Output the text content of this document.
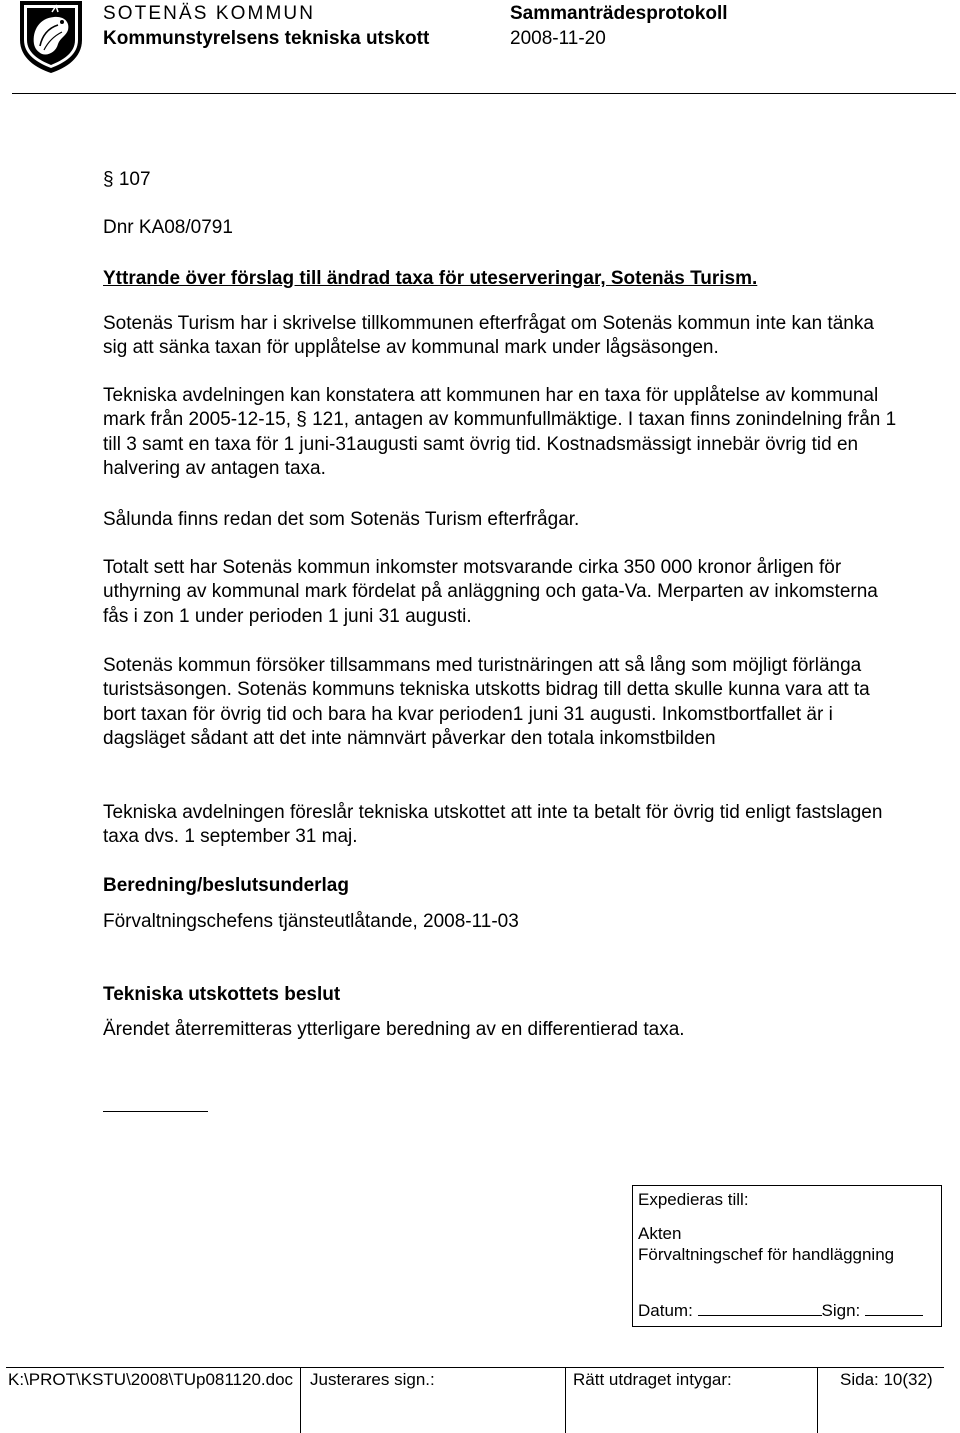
SOTENÄS KOMMUN	Sammanträdesprotokoll
Kommunstyrelsens tekniska utskott	2008-11-20

§ 107

Dnr KA08/0791

Yttrande över förslag till ändrad taxa för uteserveringar, Sotenäs Turism.

Sotenäs Turism har i skrivelse tillkommunen efterfrågat om Sotenäs kommun inte kan tänka sig att sänka taxan för upplåtelse av kommunal mark under lågsäsongen.

Tekniska avdelningen kan konstatera att kommunen har en taxa för upplåtelse av kommunal mark från 2005-12-15, § 121, antagen av kommunfullmäktige. I taxan finns zonindelning från 1 till 3 samt en taxa för 1 juni-31augusti samt övrig tid. Kostnadsmässigt innebär övrig tid en halvering av antagen taxa.

Sålunda finns redan det som Sotenäs Turism efterfrågar.

Totalt sett har Sotenäs kommun inkomster motsvarande cirka 350 000 kronor årligen för uthyrning av kommunal mark fördelat på anläggning och gata-Va. Merparten av inkomsterna fås i zon 1 under perioden 1 juni 31 augusti.

Sotenäs kommun försöker tillsammans med turistnäringen att så lång som möjligt förlänga turistsäsongen. Sotenäs kommuns tekniska utskotts bidrag till detta skulle kunna vara att ta bort taxan för övrig tid och bara ha kvar perioden1 juni 31 augusti. Inkomstbortfallet är i dagsläget sådant att det inte nämnvärt påverkar den totala inkomstbilden

Tekniska avdelningen föreslår tekniska utskottet att inte ta betalt för övrig tid enligt fastslagen taxa dvs. 1 september 31 maj.

Beredning/beslutsunderlag

Förvaltningschefens tjänsteutlåtande, 2008-11-03

Tekniska utskottets beslut

Ärendet återremitteras ytterligare beredning av en differentierad taxa.

Expedieras till:
Akten
Förvaltningschef för handläggning
Datum:	Sign:
K:\PROT\KSTU\2008\TUp081120.doc Justerares sign.:	Rätt utdraget intygar:	Sida: 10(32)
